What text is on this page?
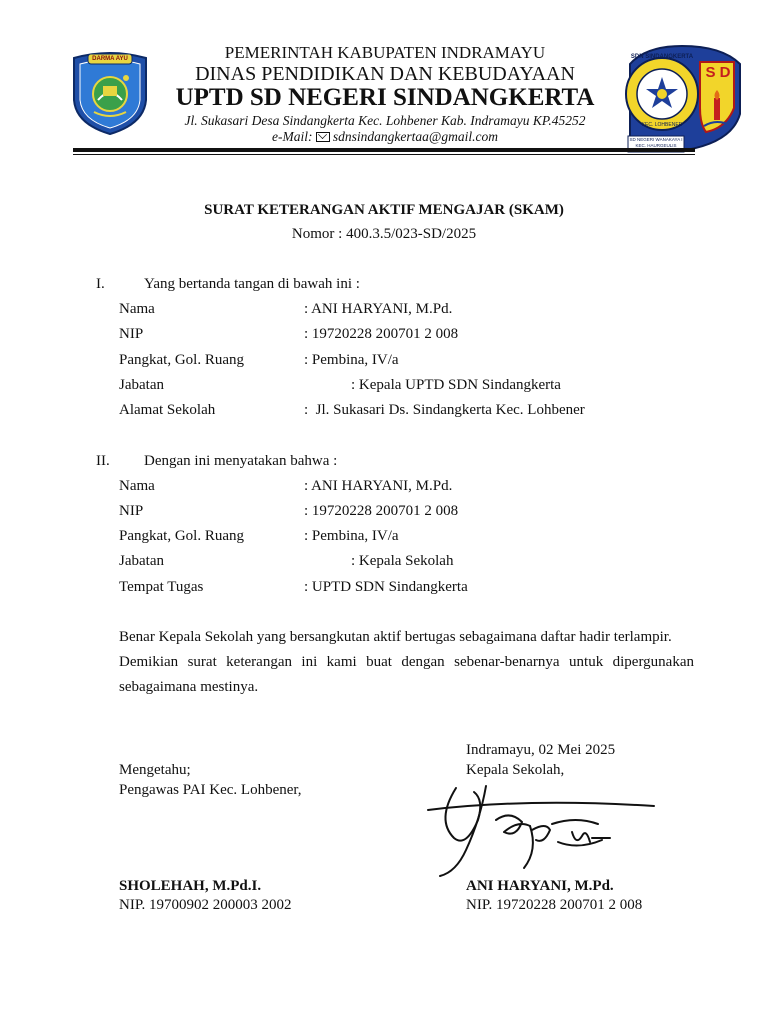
DARMA AYU
S D
SDN SINDANGKERTA
KEC. LOHBENER
SD NEGERI WANAKAYA I KEC. HAURGEULIS
PEMERINTAH KABUPATEN INDRAMAYU
DINAS PENDIDIKAN DAN KEBUDAYAAN
UPTD SD NEGERI SINDANGKERTA
Jl. Sukasari Desa Sindangkerta Kec. Lohbener Kab. Indramayu KP.45252
e-Mail: sdnsindangkertaa@gmail.com
SURAT KETERANGAN AKTIF MENGAJAR (SKAM)
Nomor : 400.3.5/023-SD/2025
I.	Yang bertanda tangan di bawah ini :
Nama	: ANI HARYANI, M.Pd.
NIP	: 19720228 200701 2 008
Pangkat, Gol. Ruang	: Pembina, IV/a
Jabatan	: Kepala UPTD SDN Sindangkerta
Alamat Sekolah	:  Jl. Sukasari Ds. Sindangkerta Kec. Lohbener
II. Dengan ini menyatakan bahwa :
Nama	: ANI HARYANI, M.Pd.
NIP	: 19720228 200701 2 008
Pangkat, Gol. Ruang	: Pembina, IV/a
Jabatan	: Kepala Sekolah
Tempat Tugas	: UPTD SDN Sindangkerta
Benar Kepala Sekolah yang bersangkutan aktif bertugas sebagaimana daftar hadir terlampir.
Demikian surat keterangan ini kami buat dengan sebenar-benarnya untuk dipergunakan
sebagaimana mestinya.
Indramayu, 02 Mei 2025
Kepala Sekolah,
Mengetahu;
Pengawas PAI Kec. Lohbener,
SHOLEHAH, M.Pd.I.
NIP. 19700902 200003 2002
ANI HARYANI, M.Pd.
NIP. 19720228 200701 2 008
